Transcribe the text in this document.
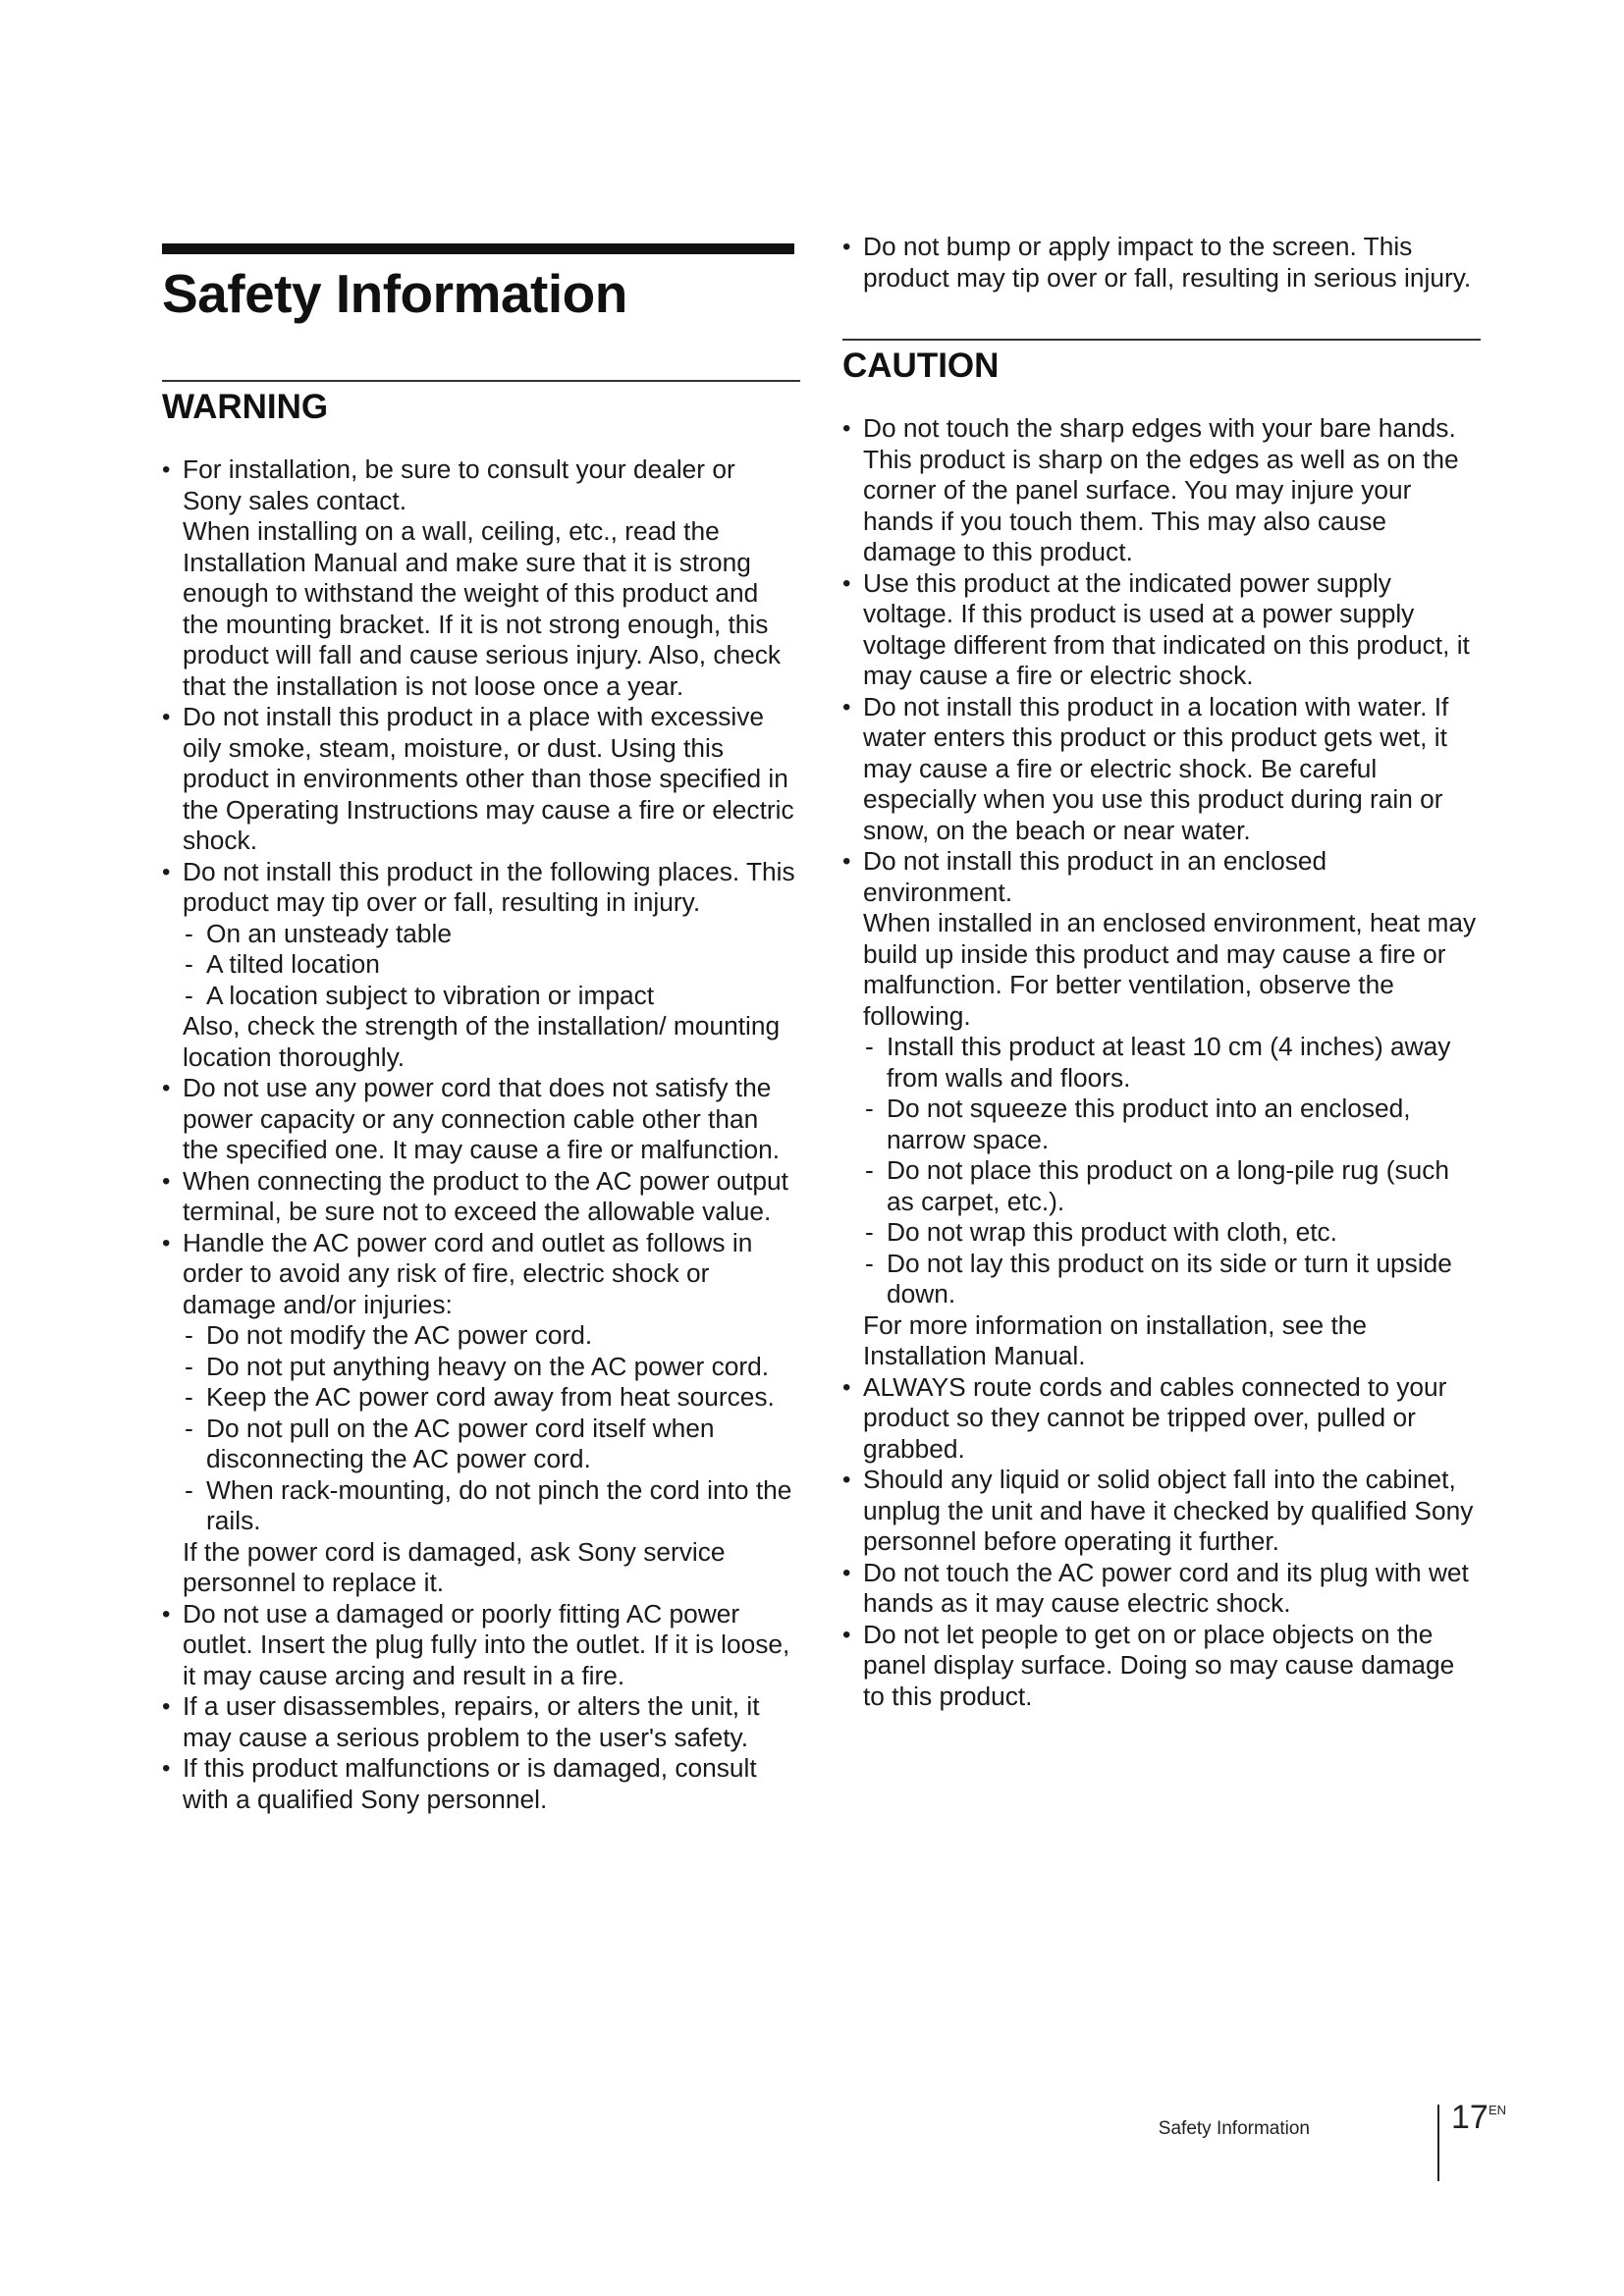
Safety Information
WARNING
• For installation, be sure to consult your dealer or Sony sales contact.
When installing on a wall, ceiling, etc., read the Installation Manual and make sure that it is strong enough to withstand the weight of this product and the mounting bracket. If it is not strong enough, this product will fall and cause serious injury. Also, check that the installation is not loose once a year.
• Do not install this product in a place with excessive oily smoke, steam, moisture, or dust. Using this product in environments other than those specified in the Operating Instructions may cause a fire or electric shock.
• Do not install this product in the following places. This product may tip over or fall, resulting in injury.
- On an unsteady table
- A tilted location
- A location subject to vibration or impact
Also, check the strength of the installation/ mounting location thoroughly.
• Do not use any power cord that does not satisfy the power capacity or any connection cable other than the specified one. It may cause a fire or malfunction.
• When connecting the product to the AC power output terminal, be sure not to exceed the allowable value.
• Handle the AC power cord and outlet as follows in order to avoid any risk of fire, electric shock or damage and/or injuries:
- Do not modify the AC power cord.
- Do not put anything heavy on the AC power cord.
- Keep the AC power cord away from heat sources.
- Do not pull on the AC power cord itself when disconnecting the AC power cord.
- When rack-mounting, do not pinch the cord into the rails.
If the power cord is damaged, ask Sony service personnel to replace it.
• Do not use a damaged or poorly fitting AC power outlet. Insert the plug fully into the outlet. If it is loose, it may cause arcing and result in a fire.
• If a user disassembles, repairs, or alters the unit, it may cause a serious problem to the user's safety.
• If this product malfunctions or is damaged, consult with a qualified Sony personnel.
• Do not bump or apply impact to the screen. This product may tip over or fall, resulting in serious injury.
CAUTION
• Do not touch the sharp edges with your bare hands.
This product is sharp on the edges as well as on the corner of the panel surface. You may injure your hands if you touch them. This may also cause damage to this product.
• Use this product at the indicated power supply voltage. If this product is used at a power supply voltage different from that indicated on this product, it may cause a fire or electric shock.
• Do not install this product in a location with water. If water enters this product or this product gets wet, it may cause a fire or electric shock. Be careful especially when you use this product during rain or snow, on the beach or near water.
• Do not install this product in an enclosed environment.
When installed in an enclosed environment, heat may build up inside this product and may cause a fire or malfunction. For better ventilation, observe the following.
- Install this product at least 10 cm (4 inches) away from walls and floors.
- Do not squeeze this product into an enclosed, narrow space.
- Do not place this product on a long-pile rug (such as carpet, etc.).
- Do not wrap this product with cloth, etc.
- Do not lay this product on its side or turn it upside down.
For more information on installation, see the Installation Manual.
• ALWAYS route cords and cables connected to your product so they cannot be tripped over, pulled or grabbed.
• Should any liquid or solid object fall into the cabinet, unplug the unit and have it checked by qualified Sony personnel before operating it further.
• Do not touch the AC power cord and its plug with wet hands as it may cause electric shock.
• Do not let people to get on or place objects on the panel display surface. Doing so may cause damage to this product.
Safety Information	17 EN
